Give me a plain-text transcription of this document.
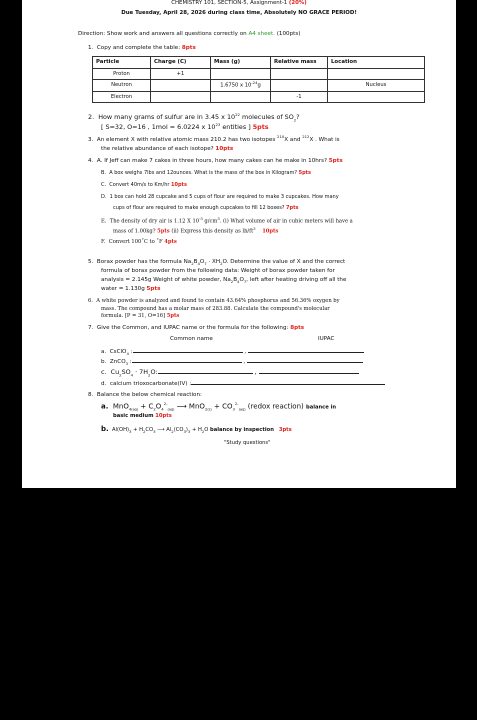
CHEMISTRY 101, SECTION-5, Assignment-1 (20%)
Due Tuesday, April 28, 2026 during class time, Absolutely NO GRACE PERIOD!
Direction: Show work and answers all questions correctly on A4 sheet. (100pts)
1. Copy and complete the table: 8pts
Particle	Charge (C)	Mass (g)	Relative mass	Location
Proton	+1			
Neutron		1.6750 x $10^{-24}g$		Nucleus
Electron			-1	
2. How many grams of sulfur are in 3.45 x $10^{22}$ molecules of $SO_2$?
[ S=32, O=16 , 1mol = 6.0224 x $10^{23}$ entities ] 5pts
3. An element X with relative atomic mass 210.2 has two isotopes $^{210}$X and $^{212}$X . What is
the relative abundance of each isotope? 10pts
4. A. If Jeff can make 7 cakes in three hours, how many cakes can he make in 10hrs? 5pts
B. A box weighs 7lbs and 12ounces. What is the mass of the box in Kilogram? 5pts
C. Convert 40m/s to Km/hr 10pts
D. 1 box can hold 28 cupcake and 5 cups of flour are required to make 3 cupcakes. How many
cups of flour are required to make enough cupcakes to fill 12 boxes? 7pts
E. The density of dry air is 1.12 X $10^{-3}$ $g/cm^3$. (i) What volume of air in cubic meters will have a
mass of 1.00kg? 5pts (ii) Express this density as $lb/ft^3$    10pts
F. Convert 100˚C to ˚F 4pts
5. Borax powder has the formula $Na_2B_4O_7 \cdot XH_2O$. Determine the value of X and the correct
formula of borax powder from the following data: Weight of borax powder taken for
analysis = 2.145g Weight of white powder, $Na_2B_4O_7$, left after heating driving off all the
water = 1.130g 5pts
6. A white powder is analyzed and found to contain 43.64% phosphorus and 56.36% oxygen by
mass. The compound has a molar mass of 283.88. Calculate the compound's molecular
formula. [P = 31, O=16] 5pts
7. Give the Common, and IUPAC name or the formula for the following: 8pts
Common name	IUPAC
a. CsClO$_4$ :	,
b. ZnCO$_3$ :	,
c. $Cu_2SO_4 \cdot 7H_2O$:	,
d. calcium trioxocarbonate(IV) :
8. Balance the below chemical reaction:
a. $MnO_{4(aq)} + C_2O_4^{2-}_{(aq)}$ ⟶ $MnO_{2(s)} + CO_3^{2-}_{(aq)}$ (redox reaction) balance in
basic medium 10pts
b. $Al(OH)_3 + H_2CO_3$ ⟶ $Al_2(CO_3)_3 + H_2O$ balance by inspection 3pts
"Study questions"
